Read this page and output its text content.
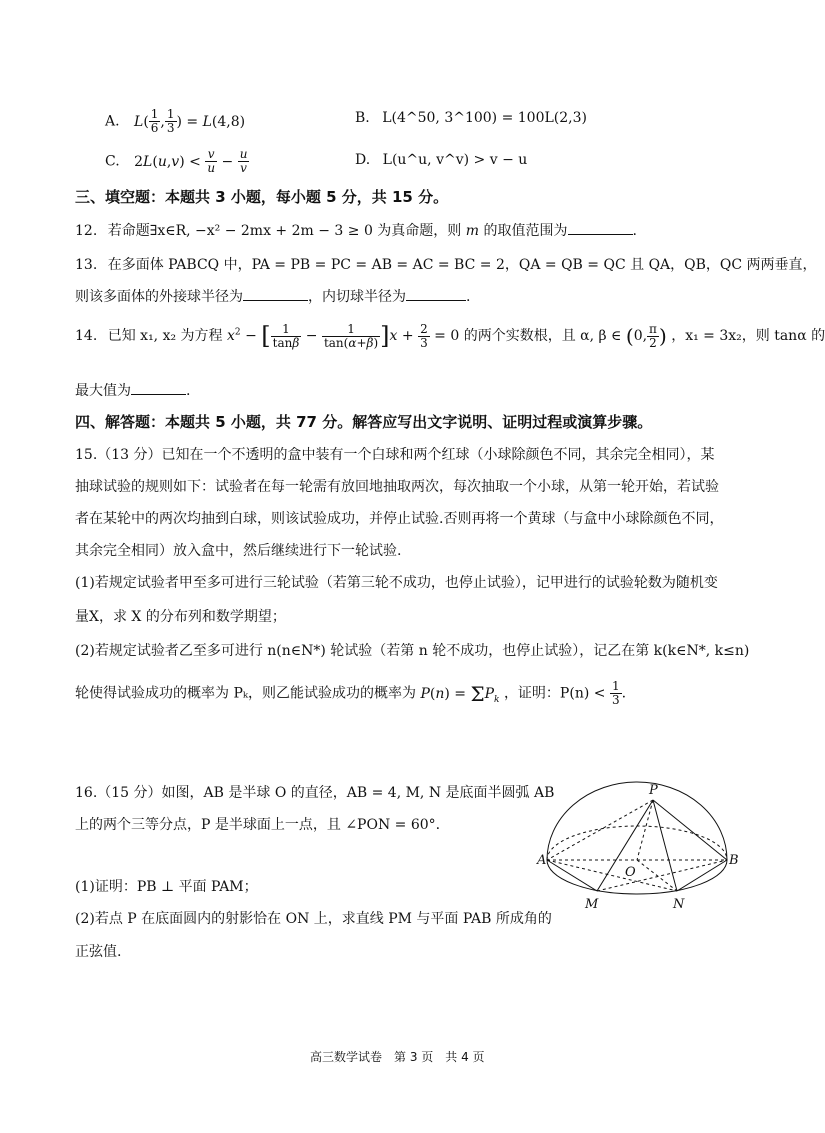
A. $L( \frac{1}{6}$ , $\frac{1}{3}$ ) = L(4,8)	B. L(4^50, 3^100) = 100L(2,3)
C. $2L(u,v) < \frac{v}{u} - \frac{u}{v}$	D. L(u^u, v^v) > v − u
三、填空题：本题共 3 小题，每小题 5 分，共 15 分。
12. 若命题∃x∈R, −x² − 2mx + 2m − 3 ≥ 0 为真命题，则 m 的取值范围为	.
13. 在多面体 PABCQ 中，PA = PB = PC = AB = AC = BC = 2，QA = QB = QC 且 QA，QB，QC 两两垂直，
则该多面体的外接球半径为	，内切球半径为	.
14. 已知 x₁, x₂ 为方程 $x^2$ − [ $\frac{1}{\tan\beta} - \frac{1}{\tan(\alpha+\beta)} ]x + \frac{2}{3} = 0$ 的两个实数根，且 α, β ∈ (0, $\frac{\pi}{2}$ ) ，x₁ = 3x₂，则 tanα 的
最大值为	.
四、解答题：本题共 5 小题，共 77 分。解答应写出文字说明、证明过程或演算步骤。
15.（13 分）已知在一个不透明的盒中装有一个白球和两个红球（小球除颜色不同，其余完全相同），某
抽球试验的规则如下：试验者在每一轮需有放回地抽取两次，每次抽取一个小球，从第一轮开始，若试验
者在某轮中的两次均抽到白球，则该试验成功，并停止试验.否则再将一个黄球（与盒中小球除颜色不同，
其余完全相同）放入盒中，然后继续进行下一轮试验.
(1)若规定试验者甲至多可进行三轮试验（若第三轮不成功，也停止试验），记甲进行的试验轮数为随机变
量X，求 X 的分布列和数学期望；
(2)若规定试验者乙至多可进行 n(n∈N*) 轮试验（若第 n 轮不成功，也停止试验），记乙在第 k(k∈N*, k≤n)
轮使得试验成功的概率为 Pₖ，则乙能试验成功的概率为 $P(n) = \Sigma P_k$ ，证明：$P(n) < \frac{1}{3}$ .
16.（15 分）如图，AB 是半球 O 的直径，AB = 4, M, N 是底面半圆弧 AB
上的两个三等分点，P 是半球面上一点，且 ∠PON = 60°.
(1)证明：PB ⊥ 平面 PAM；
(2)若点 P 在底面圆内的射影恰在 ON 上，求直线 PM 与平面 PAB 所成角的
正弦值.
P
A	B
O
M	N
高三数学试卷　第 3 页　共 4 页
